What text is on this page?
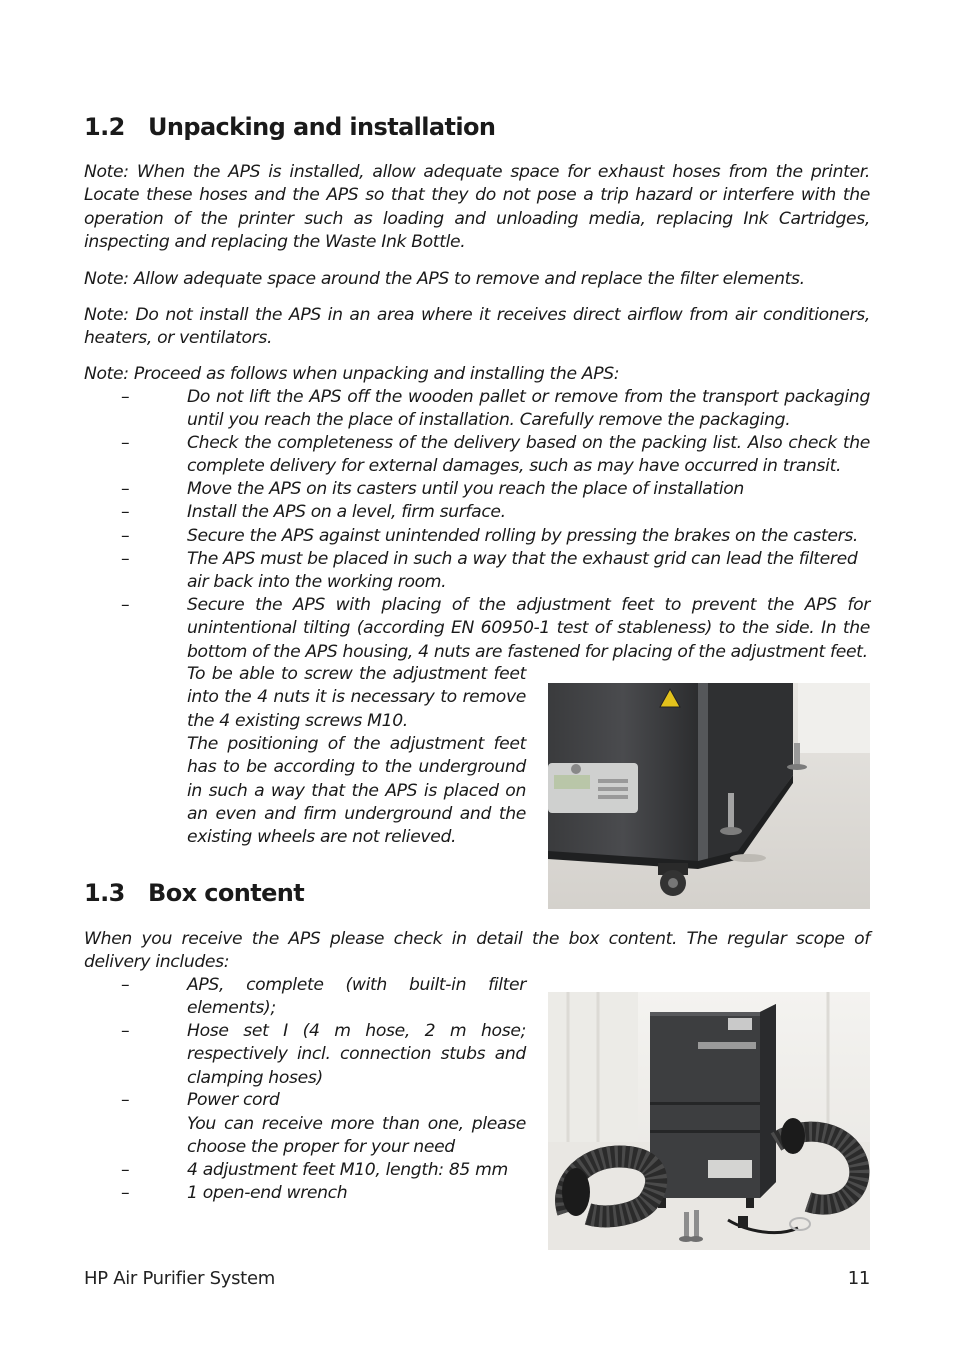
1.2 Unpacking and installation

Note: When the APS is installed, allow adequate space for exhaust hoses from the printer. Locate these hoses and the APS so that they do not pose a trip hazard or interfere with the operation of the printer such as loading and unloading media, replacing Ink Cartridges, inspecting and replacing the Waste Ink Bottle.

Note: Allow adequate space around the APS to remove and replace the filter elements.

Note: Do not install the APS in an area where it receives direct airflow from air conditioners, heaters, or ventilators.

Note: Proceed as follows when unpacking and installing the APS:

–	Do not lift the APS off the wooden pallet or remove from the transport packaging until you reach the place of installation. Carefully remove the packaging.
–	Check the completeness of the delivery based on the packing list. Also check the complete delivery for external damages, such as may have occurred in transit.
–	Move the APS on its casters until you reach the place of installation
–	Install the APS on a level, firm surface.
–	Secure the APS against unintended rolling by pressing the brakes on the casters.
–	The APS must be placed in such a way that the exhaust grid can lead the filtered air back into the working room.
–	Secure the APS with placing of the adjustment feet to prevent the APS for unintentional tilting (according EN 60950-1 test of stableness) to the side. In the bottom of the APS housing, 4 nuts are fastened for placing of the adjustment feet.
To be able to screw the adjustment feet into the 4 nuts it is necessary to remove the 4 existing screws M10.
The positioning of the adjustment feet has to be according to the underground in such a way that the APS is placed on an even and firm underground and the existing wheels are not relieved.
1.3 Box content

When you receive the APS please check in detail the box content. The regular scope of delivery includes:

–	APS, complete (with built-in filter elements);
–	Hose set I (4 m hose, 2 m hose; respectively incl. connection stubs and clamping hoses)
–	Power cord
You can receive more than one, please choose the proper for your need
–	4 adjustment feet M10, length: 85 mm
–	1 open-end wrench
HP Air Purifier System	11
